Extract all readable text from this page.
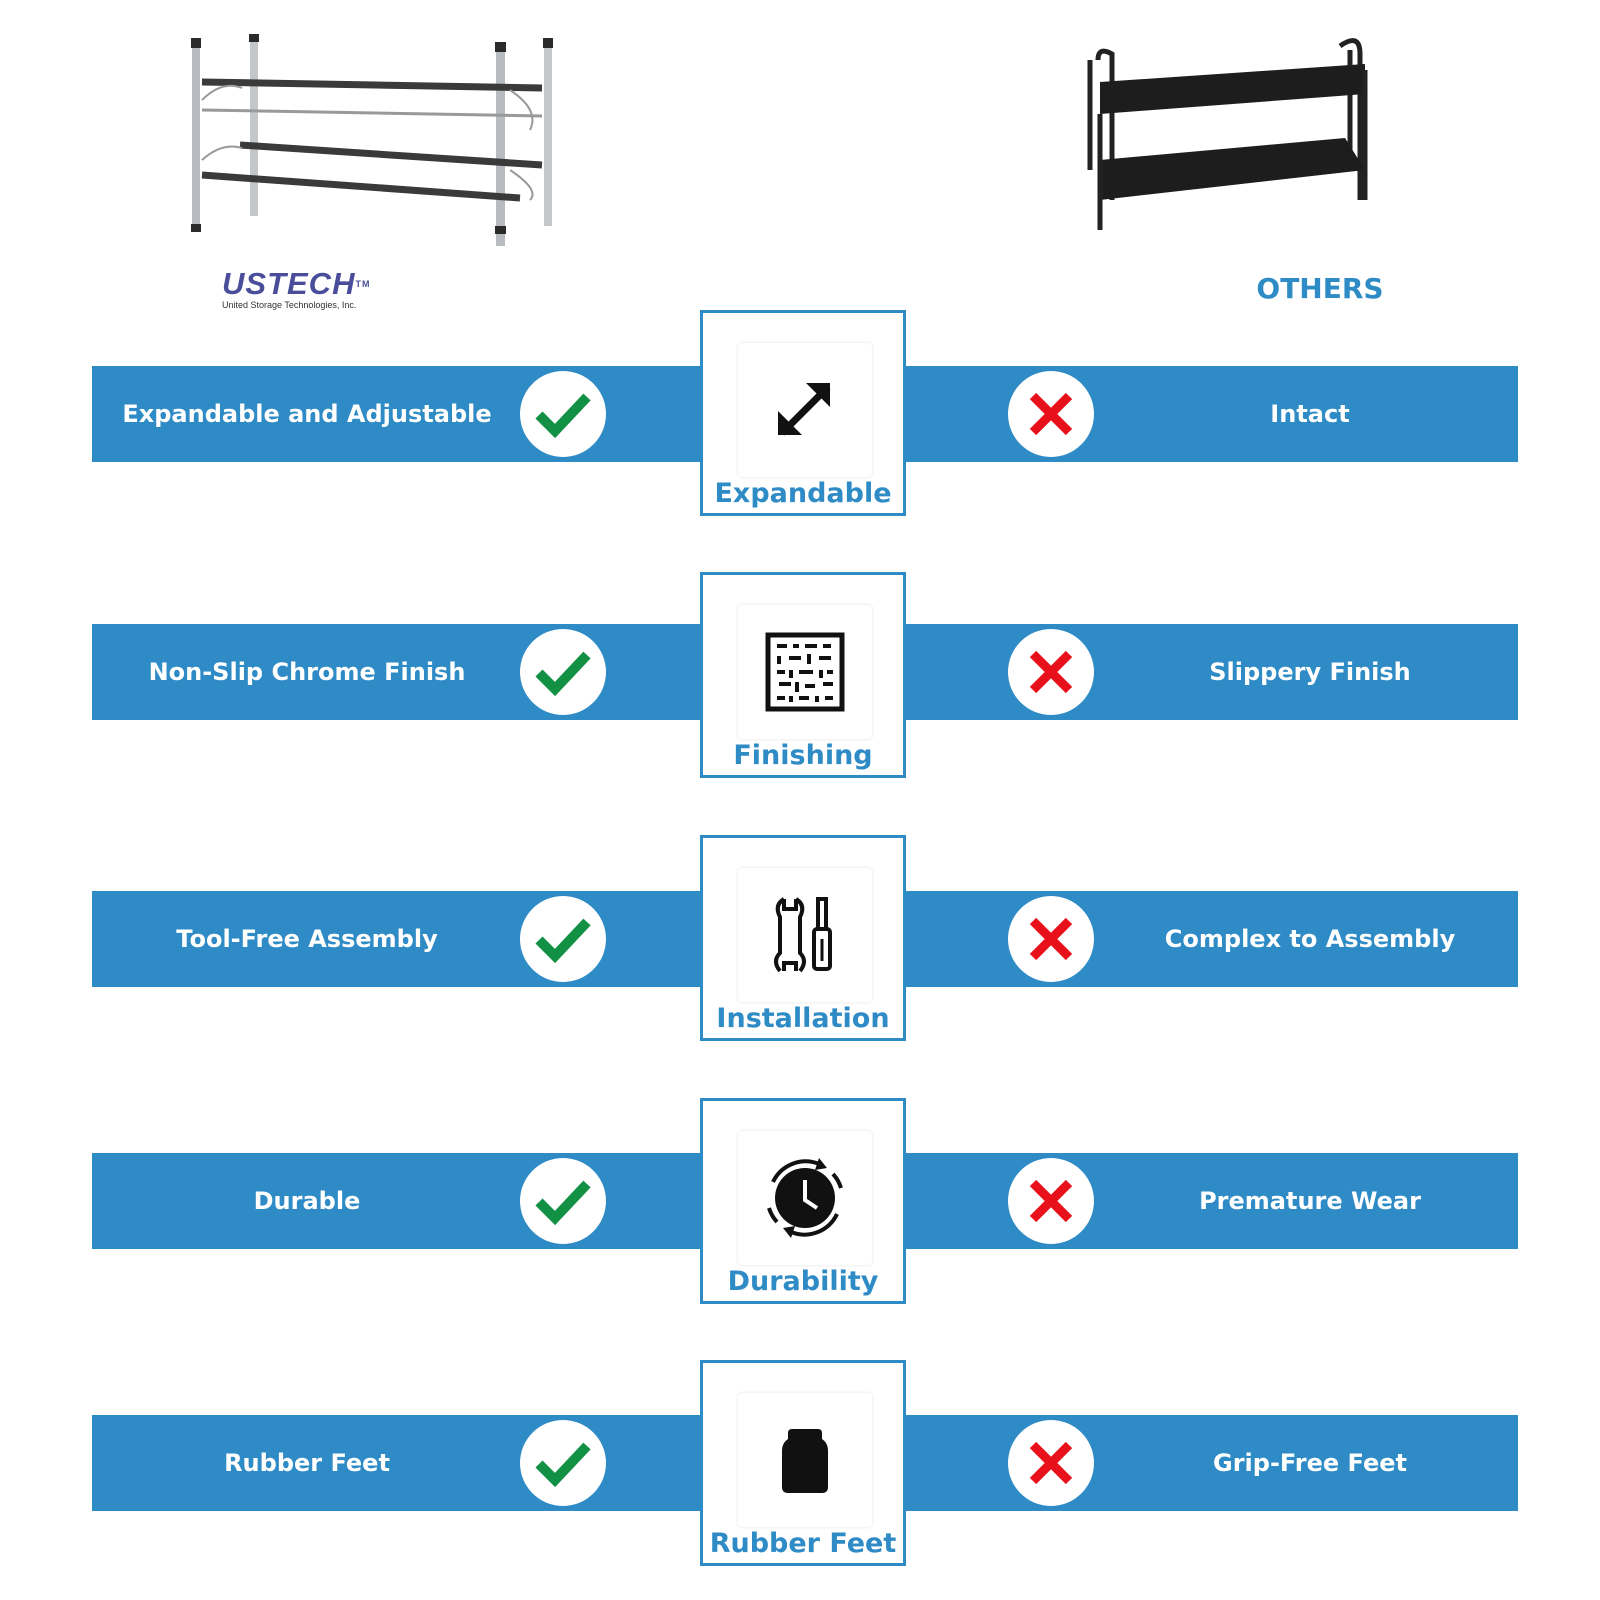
USTECH™
United Storage Technologies, Inc.	OTHERS
Expandable and Adjustable	Intact
Expandable
Non-Slip Chrome Finish	Slippery Finish
Finishing
Tool-Free Assembly	Complex to Assembly
Installation
Durable	Premature Wear
Durability
Rubber Feet	Grip-Free Feet
Rubber Feet
